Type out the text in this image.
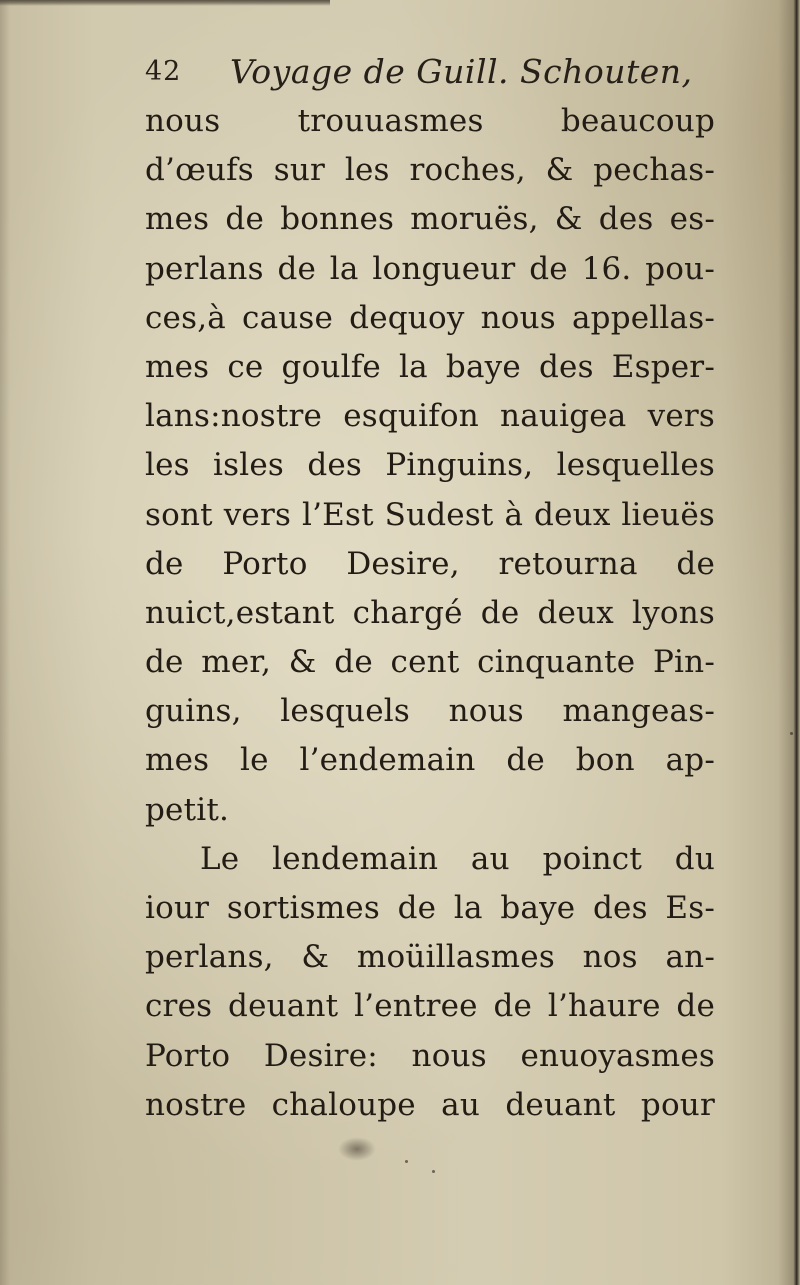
42 Voyage de Guill. Schouten,
nous trouuasmes beaucoup
d’œufs sur les roches, & pechas-
mes de bonnes moruës, & des es-
perlans de la longueur de 16. pou-
ces,à cause dequoy nous appellas-
mes ce goulfe la baye des Esper-
lans:nostre esquifon nauigea vers
les isles des Pinguins, lesquelles
sont vers l’Est Sudest à deux lieuës
de Porto Desire, retourna de
nuict,estant chargé de deux lyons
de mer, & de cent cinquante Pin-
guins, lesquels nous mangeas-
mes le l’endemain de bon ap-
petit.
Le lendemain au poinct du
iour sortismes de la baye des Es-
perlans, & moüillasmes nos an-
cres deuant l’entree de l’haure de
Porto Desire: nous enuoyasmes
nostre chaloupe au deuant pour
